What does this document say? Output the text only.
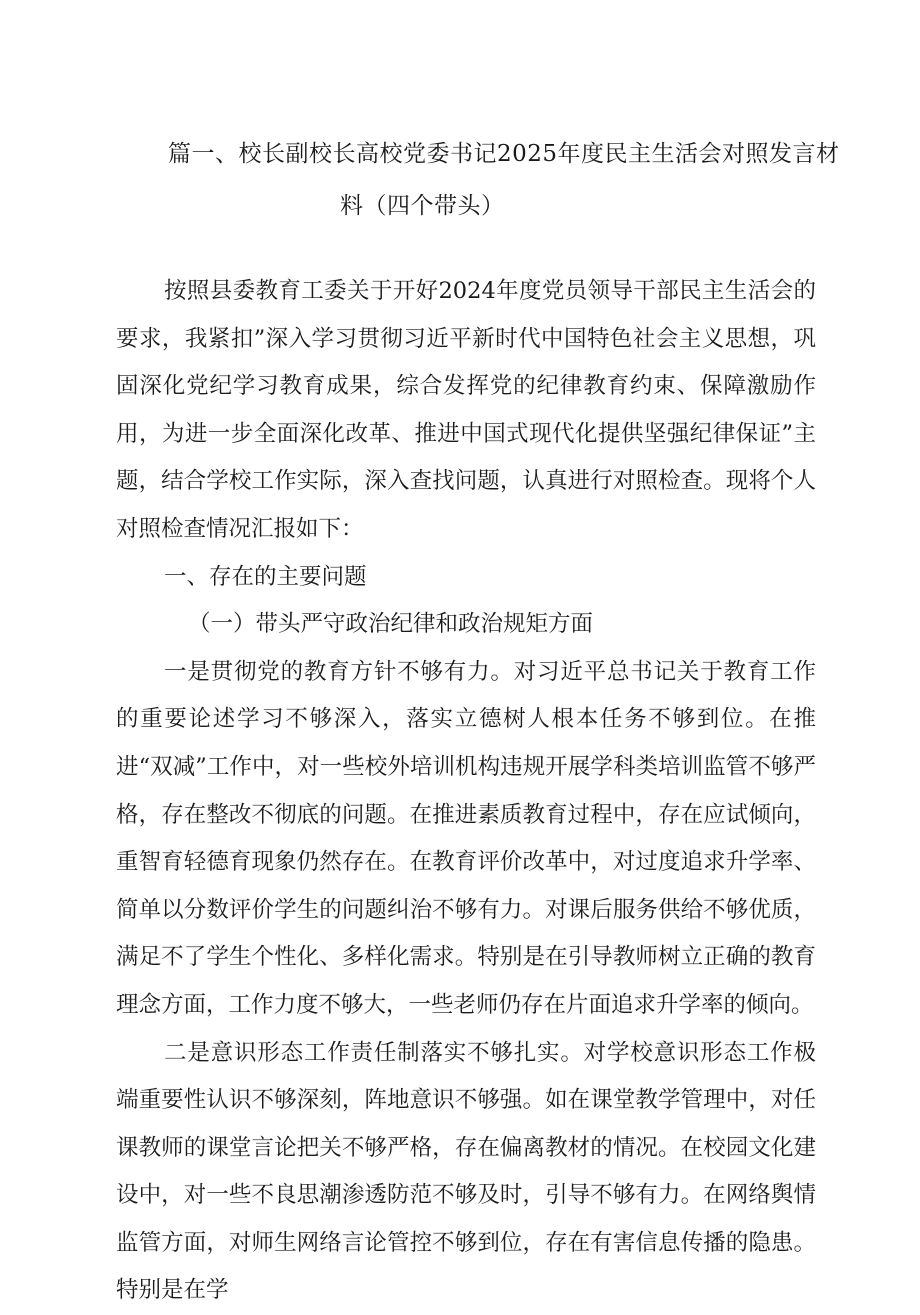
篇一、校长副校长高校党委书记2025年度民主生活会对照发言材
料（四个带头）

按照县委教育工委关于开好2024年度党员领导干部民主生活会的要求，我紧扣”深入学习贯彻习近平新时代中国特色社会主义思想，巩固深化党纪学习教育成果，综合发挥党的纪律教育约束、保障激励作用，为进一步全面深化改革、推进中国式现代化提供坚强纪律保证”主题，结合学校工作实际，深入查找问题，认真进行对照检查。现将个人对照检查情况汇报如下：

一、存在的主要问题

（一）带头严守政治纪律和政治规矩方面

一是贯彻党的教育方针不够有力。对习近平总书记关于教育工作的重要论述学习不够深入，落实立德树人根本任务不够到位。在推进“双减”工作中，对一些校外培训机构违规开展学科类培训监管不够严格，存在整改不彻底的问题。在推进素质教育过程中，存在应试倾向，重智育轻德育现象仍然存在。在教育评价改革中，对过度追求升学率、简单以分数评价学生的问题纠治不够有力。对课后服务供给不够优质，满足不了学生个性化、多样化需求。特别是在引导教师树立正确的教育理念方面，工作力度不够大，一些老师仍存在片面追求升学率的倾向。

二是意识形态工作责任制落实不够扎实。对学校意识形态工作极端重要性认识不够深刻，阵地意识不够强。如在课堂教学管理中，对任课教师的课堂言论把关不够严格，存在偏离教材的情况。在校园文化建设中，对一些不良思潮渗透防范不够及时，引导不够有力。在网络舆情监管方面，对师生网络言论管控不够到位，存在有害信息传播的隐患。特别是在学
